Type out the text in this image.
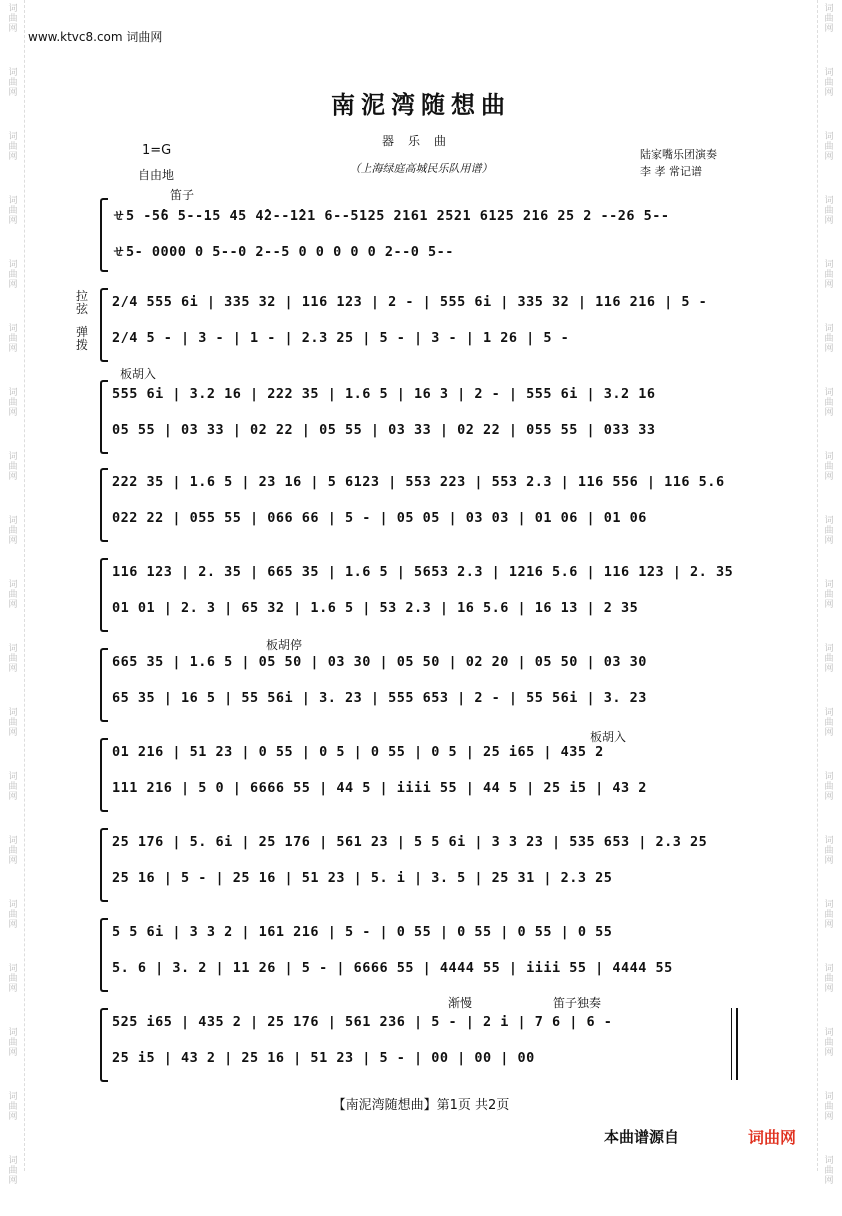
词
曲
网
词
曲
网
词
曲
网
词
曲
网
词
曲
网
词
曲
网
词
曲
网
词
曲
网
词
曲
网
词
曲
网
词
曲
网
词
曲
网
词
曲
网
词
曲
网
词
曲
网
词
曲
网
词
曲
网
词
曲
网
词
曲
网
词
曲
网
词
曲
网
词
曲
网
词
曲
网
词
曲
网
词
曲
网
词
曲
网
词
曲
网
词
曲
网
词
曲
网
词
曲
网
词
曲
网
词
曲
网
词
曲
网
词
曲
网
词
曲
网
词
曲
网
词
曲
网
词
曲
网
www.ktvc8.com 词曲网
南泥湾随想曲
器乐曲
（上海绿庭高城民乐队用谱）
1=G
自由地
陆家嘴乐团演奏
李 孝 常记谱
笛子
板胡入
板胡停
板胡入
渐慢	笛子独奏
ㄝ5 -5̂6 5--15 45 4̂2--1̂21 6--5125 2161 2521 6125 216 25 2 --26 5--
ㄝ5- 0000 0 5--0 2--5 0 0 0 0 0 2--0 5--
2/4 555 6i | 335 32 | 116 123 | 2 - | 555 6i | 335 32 | 116 216 | 5 -
2/4 5 - | 3 - | 1 - | 2.3 25 | 5 - | 3 - | 1 26 | 5 -
拉弦
弹拨
555 6i | 3.2 16 | 222 35 | 1.6 5 | 16 3 | 2 - | 555 6i | 3.2 16
05 55 | 03 33 | 02 22 | 05 55 | 03 33 | 02 22 | 055 55 | 033 33
222 35 | 1.6 5 | 23 16 | 5 6123 | 553 223 | 553 2.3 | 116 556 | 116 5.6
022 22 | 055 55 | 066 66 | 5 - | 05 05 | 03 03 | 01 06 | 01 06
116 123 | 2. 35 | 665 35 | 1.6 5 | 5653 2.3 | 1216 5.6 | 116 123 | 2. 35
01 01 | 2. 3 | 65 32 | 1.6 5 | 53 2.3 | 16 5.6 | 16 13 | 2 35
665 35 | 1.6 5 | 05 50 | 03 30 | 05 50 | 02 20 | 05 50 | 03 30
65 35 | 16 5 | 55 56i | 3. 23 | 555 653 | 2 - | 55 56i | 3. 23
01 216 | 51 23 | 0 55 | 0 5 | 0 55 | 0 5 | 25 i65 | 435 2
111 216 | 5 0 | 6666 55 | 44 5 | iiii 55 | 44 5 | 25 i5 | 43 2
25 176 | 5. 6i | 25 176 | 561 23 | 5 5 6i | 3 3 23 | 535 653 | 2.3 25
25 16 | 5 - | 25 16 | 51 23 | 5. i | 3. 5 | 25 31 | 2.3 25
5 5 6i | 3 3 2 | 161 216 | 5 - | 0 55 | 0 55 | 0 55 | 0 55
5. 6 | 3. 2 | 11 26 | 5 - | 6666 55 | 4444 55 | iiii 55 | 4444 55
525 i65 | 435 2 | 25 176 | 561 236 | 5 - | 2 i | 7 6 | 6 -
25 i5 | 43 2 | 25 16 | 51 23 | 5 - | 00 | 00 | 00
【南泥湾随想曲】第1页 共2页
本曲谱源自	词曲网
